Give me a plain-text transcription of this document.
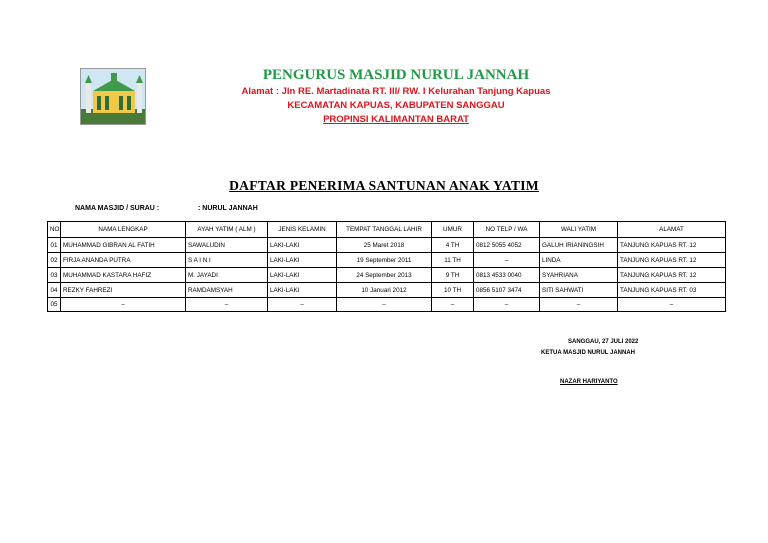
PENGURUS MASJID NURUL JANNAH
Alamat : Jln RE. Martadinata RT. III/ RW. I Kelurahan Tanjung Kapuas
KECAMATAN KAPUAS, KABUPATEN SANGGAU
PROPINSI KALIMANTAN BARAT
DAFTAR PENERIMA SANTUNAN ANAK YATIM
NAMA MASJID / SURAU :	: NURUL JANNAH
NO	NAMA LENGKAP	AYAH YATIM ( ALM )	JENIS KELAMIN	TEMPAT TANGGAL LAHIR	UMUR	NO TELP / WA	WALI YATIM	ALAMAT
01	MUHAMMAD GIBRAN AL FATIH	SAWALUDIN	LAKI-LAKI	25 Maret 2018	4 TH	0812 5055 4052	GALUH IRIANINGSIH	TANJUNG KAPUAS RT. 12
02	FIRJA ANANDA PUTRA	S A I N I	LAKI-LAKI	19 September 2011	11 TH	–	LINDA	TANJUNG KAPUAS RT. 12
03	MUHAMMAD KASTARA HAFIZ	M. JAYADI	LAKI-LAKI	24 September 2013	9 TH	0813 4533 0040	SYAHRIANA	TANJUNG KAPUAS RT. 12
04	REZKY FAHREZI	RAMDAMSYAH	LAKI-LAKI	10 Januari 2012	10 TH	0856 5107 3474	SITI SAHWATI	TANJUNG KAPUAS RT. 03
05	–	–	–	–	–	–	–	–
SANGGAU, 27 JULI 2022
KETUA MASJID NURUL JANNAH
NAZAR HARIYANTO
